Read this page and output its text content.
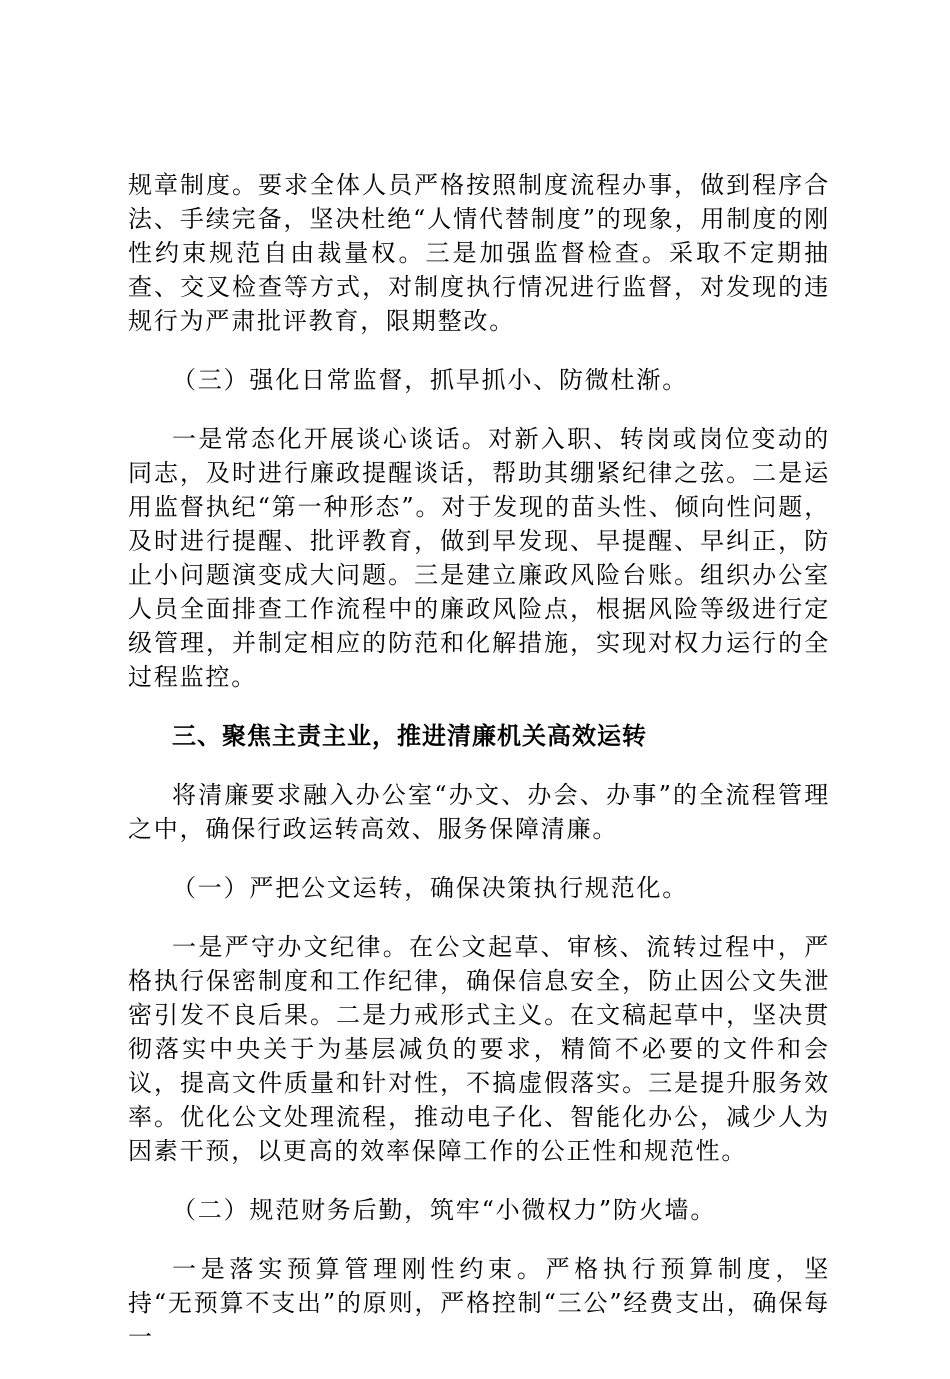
规章制度。要求全体人员严格按照制度流程办事，做到程序合法、手续完备，坚决杜绝“人情代替制度”的现象，用制度的刚性约束规范自由裁量权。三是加强监督检查。采取不定期抽查、交叉检查等方式，对制度执行情况进行监督，对发现的违规行为严肃批评教育，限期整改。

（三）强化日常监督，抓早抓小、防微杜渐。

一是常态化开展谈心谈话。对新入职、转岗或岗位变动的同志，及时进行廉政提醒谈话，帮助其绷紧纪律之弦。二是运用监督执纪“第一种形态”。对于发现的苗头性、倾向性问题，及时进行提醒、批评教育，做到早发现、早提醒、早纠正，防止小问题演变成大问题。三是建立廉政风险台账。组织办公室人员全面排查工作流程中的廉政风险点，根据风险等级进行定级管理，并制定相应的防范和化解措施，实现对权力运行的全过程监控。

三、聚焦主责主业，推进清廉机关高效运转

将清廉要求融入办公室“办文、办会、办事”的全流程管理之中，确保行政运转高效、服务保障清廉。

（一）严把公文运转，确保决策执行规范化。

一是严守办文纪律。在公文起草、审核、流转过程中，严格执行保密制度和工作纪律，确保信息安全，防止因公文失泄密引发不良后果。二是力戒形式主义。在文稿起草中，坚决贯彻落实中央关于为基层减负的要求，精简不必要的文件和会议，提高文件质量和针对性，不搞虚假落实。三是提升服务效率。优化公文处理流程，推动电子化、智能化办公，减少人为因素干预，以更高的效率保障工作的公正性和规范性。

（二）规范财务后勤，筑牢“小微权力”防火墙。

一是落实预算管理刚性约束。严格执行预算制度，坚持“无预算不支出”的原则，严格控制“三公”经费支出，确保每一
